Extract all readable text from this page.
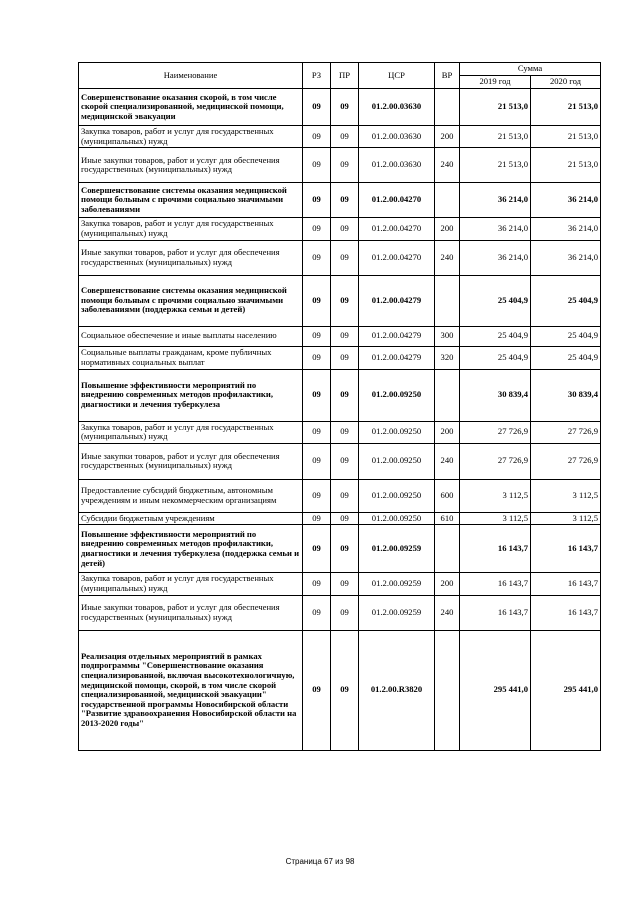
Наименование	РЗ	ПР	ЦСР	ВР	Сумма	
					2019 год	2020 год
Совершенствование оказания скорой, в том числе скорой специализированной, медицинской помощи, медицинской эвакуации	09	09	01.2.00.03630		21 513,0	21 513,0
Закупка товаров, работ и услуг для государственных (муниципальных) нужд	09	09	01.2.00.03630	200	21 513,0	21 513,0
Иные закупки товаров, работ и услуг для обеспечения государственных (муниципальных) нужд	09	09	01.2.00.03630	240	21 513,0	21 513,0
Совершенствование системы оказания медицинской помощи больным с прочими социально значимыми заболеваниями	09	09	01.2.00.04270		36 214,0	36 214,0
Закупка товаров, работ и услуг для государственных (муниципальных) нужд	09	09	01.2.00.04270	200	36 214,0	36 214,0
Иные закупки товаров, работ и услуг для обеспечения государственных (муниципальных) нужд	09	09	01.2.00.04270	240	36 214,0	36 214,0
Совершенствование системы оказания медицинской помощи больным с прочими социально значимыми заболеваниями (поддержка семьи и детей)	09	09	01.2.00.04279		25 404,9	25 404,9
Социальное обеспечение и иные выплаты населению	09	09	01.2.00.04279	300	25 404,9	25 404,9
Социальные выплаты гражданам, кроме публичных нормативных социальных выплат	09	09	01.2.00.04279	320	25 404,9	25 404,9
Повышение эффективности мероприятий по внедрению современных методов профилактики, диагностики и лечения туберкулеза	09	09	01.2.00.09250		30 839,4	30 839,4
Закупка товаров, работ и услуг для государственных (муниципальных) нужд	09	09	01.2.00.09250	200	27 726,9	27 726,9
Иные закупки товаров, работ и услуг для обеспечения государственных (муниципальных) нужд	09	09	01.2.00.09250	240	27 726,9	27 726,9
Предоставление субсидий бюджетным, автономным учреждениям и иным некоммерческим организациям	09	09	01.2.00.09250	600	3 112,5	3 112,5
Субсидии бюджетным учреждениям	09	09	01.2.00.09250	610	3 112,5	3 112,5
Повышение эффективности мероприятий по внедрению современных методов профилактики, диагностики и лечения туберкулеза (поддержка семьи и детей)	09	09	01.2.00.09259		16 143,7	16 143,7
Закупка товаров, работ и услуг для государственных (муниципальных) нужд	09	09	01.2.00.09259	200	16 143,7	16 143,7
Иные закупки товаров, работ и услуг для обеспечения государственных (муниципальных) нужд	09	09	01.2.00.09259	240	16 143,7	16 143,7
Реализация отдельных мероприятий в рамках подпрограммы "Совершенствование оказания специализированной, включая высокотехнологичную, медицинской помощи, скорой, в том числе скорой специализированной, медицинской эвакуации" государственной программы Новосибирской области "Развитие здравоохранения Новосибирской области на 2013-2020 годы"	09	09	01.2.00.R3820		295 441,0	295 441,0
Страница 67 из 98
